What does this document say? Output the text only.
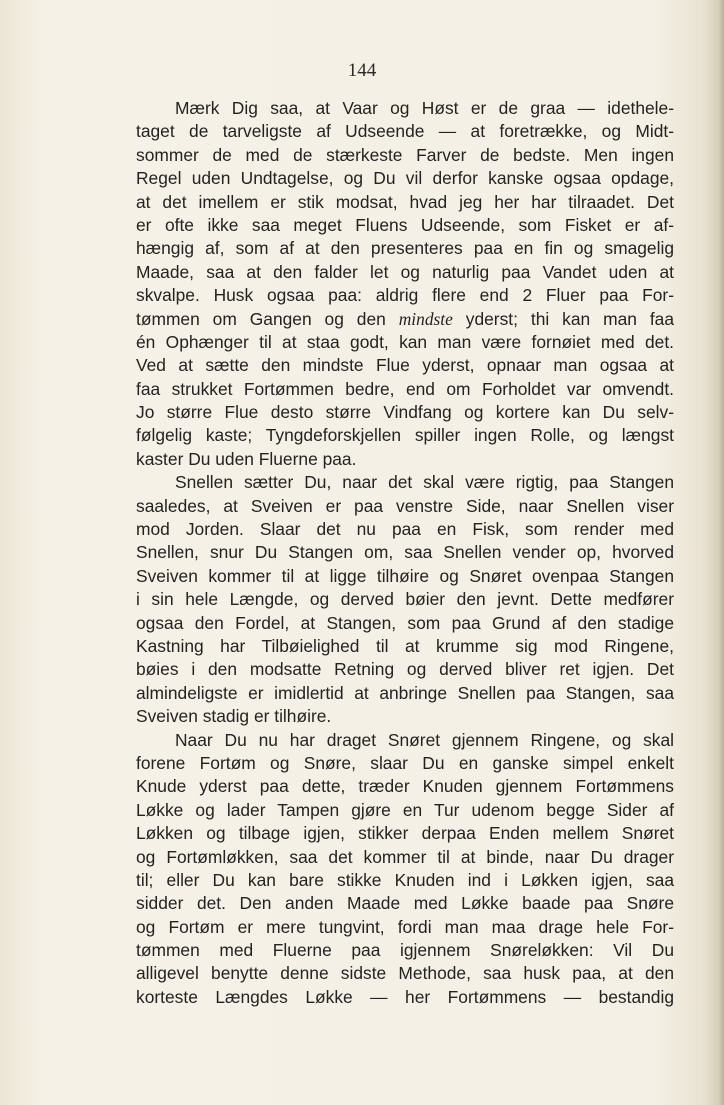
144
Mærk Dig saa, at Vaar og Høst er de graa — idethele-
taget de tarveligste af Udseende — at foretrække, og Midt-
sommer de med de stærkeste Farver de bedste. Men ingen
Regel uden Undtagelse, og Du vil derfor kanske ogsaa opdage,
at det imellem er stik modsat, hvad jeg her har tilraadet. Det
er ofte ikke saa meget Fluens Udseende, som Fisket er af-
hængig af, som af at den presenteres paa en fin og smagelig
Maade, saa at den falder let og naturlig paa Vandet uden at
skvalpe. Husk ogsaa paa: aldrig flere end 2 Fluer paa For-
tømmen om Gangen og den mindste yderst; thi kan man faa
én Ophænger til at staa godt, kan man være fornøiet med det.
Ved at sætte den mindste Flue yderst, opnaar man ogsaa at
faa strukket Fortømmen bedre, end om Forholdet var omvendt.
Jo større Flue desto større Vindfang og kortere kan Du selv-
følgelig kaste; Tyngdeforskjellen spiller ingen Rolle, og længst
kaster Du uden Fluerne paa.
Snellen sætter Du, naar det skal være rigtig, paa Stangen
saaledes, at Sveiven er paa venstre Side, naar Snellen viser
mod Jorden. Slaar det nu paa en Fisk, som render med
Snellen, snur Du Stangen om, saa Snellen vender op, hvorved
Sveiven kommer til at ligge tilhøire og Snøret ovenpaa Stangen
i sin hele Længde, og derved bøier den jevnt. Dette medfører
ogsaa den Fordel, at Stangen, som paa Grund af den stadige
Kastning har Tilbøielighed til at krumme sig mod Ringene,
bøies i den modsatte Retning og derved bliver ret igjen. Det
almindeligste er imidlertid at anbringe Snellen paa Stangen, saa
Sveiven stadig er tilhøire.
Naar Du nu har draget Snøret gjennem Ringene, og skal
forene Fortøm og Snøre, slaar Du en ganske simpel enkelt
Knude yderst paa dette, træder Knuden gjennem Fortømmens
Løkke og lader Tampen gjøre en Tur udenom begge Sider af
Løkken og tilbage igjen, stikker derpaa Enden mellem Snøret
og Fortømløkken, saa det kommer til at binde, naar Du drager
til; eller Du kan bare stikke Knuden ind i Løkken igjen, saa
sidder det. Den anden Maade med Løkke baade paa Snøre
og Fortøm er mere tungvint, fordi man maa drage hele For-
tømmen med Fluerne paa igjennem Snøreløkken: Vil Du
alligevel benytte denne sidste Methode, saa husk paa, at den
korteste Længdes Løkke — her Fortømmens — bestandig
